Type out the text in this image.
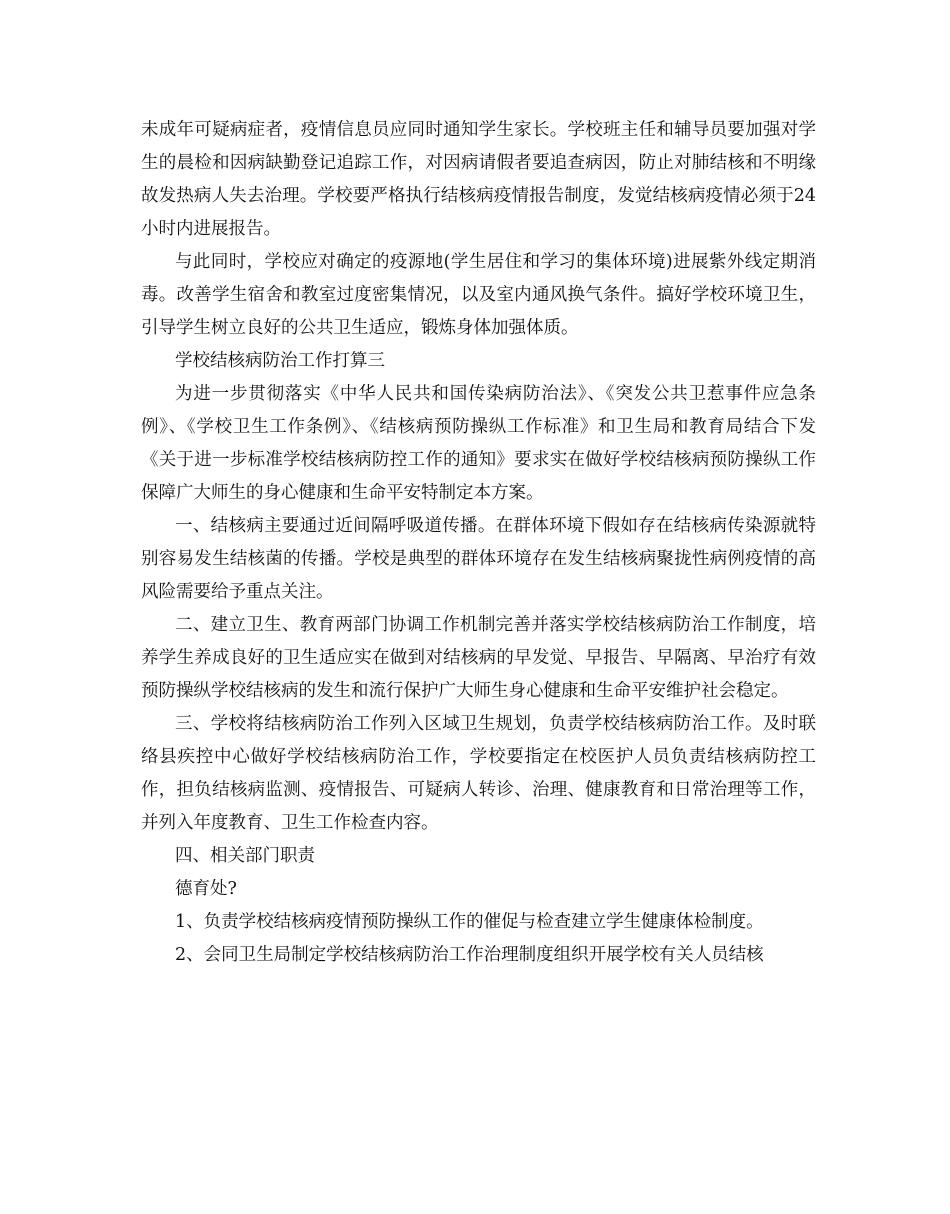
未成年可疑病症者，疫情信息员应同时通知学生家长。学校班主任和辅导员要加强对学生的晨检和因病缺勤登记追踪工作，对因病请假者要追查病因，防止对肺结核和不明缘故发热病人失去治理。学校要严格执行结核病疫情报告制度，发觉结核病疫情必须于24小时内进展报告。

与此同时，学校应对确定的疫源地(学生居住和学习的集体环境)进展紫外线定期消毒。改善学生宿舍和教室过度密集情况，以及室内通风换气条件。搞好学校环境卫生，引导学生树立良好的公共卫生适应，锻炼身体加强体质。

学校结核病防治工作打算三

为进一步贯彻落实《中华人民共和国传染病防治法》、《突发公共卫惹事件应急条例》、《学校卫生工作条例》、《结核病预防操纵工作标准》和卫生局和教育局结合下发《关于进一步标准学校结核病防控工作的通知》要求实在做好学校结核病预防操纵工作保障广大师生的身心健康和生命平安特制定本方案。

一、结核病主要通过近间隔呼吸道传播。在群体环境下假如存在结核病传染源就特别容易发生结核菌的传播。学校是典型的群体环境存在发生结核病聚拢性病例疫情的高风险需要给予重点关注。

二、建立卫生、教育两部门协调工作机制完善并落实学校结核病防治工作制度，培养学生养成良好的卫生适应实在做到对结核病的早发觉、早报告、早隔离、早治疗有效预防操纵学校结核病的发生和流行保护广大师生身心健康和生命平安维护社会稳定。

三、学校将结核病防治工作列入区域卫生规划，负责学校结核病防治工作。及时联络县疾控中心做好学校结核病防治工作，学校要指定在校医护人员负责结核病防控工作，担负结核病监测、疫情报告、可疑病人转诊、治理、健康教育和日常治理等工作，并列入年度教育、卫生工作检查内容。

四、相关部门职责

德育处?

1、负责学校结核病疫情预防操纵工作的催促与检查建立学生健康体检制度。

2、会同卫生局制定学校结核病防治工作治理制度组织开展学校有关人员结核
